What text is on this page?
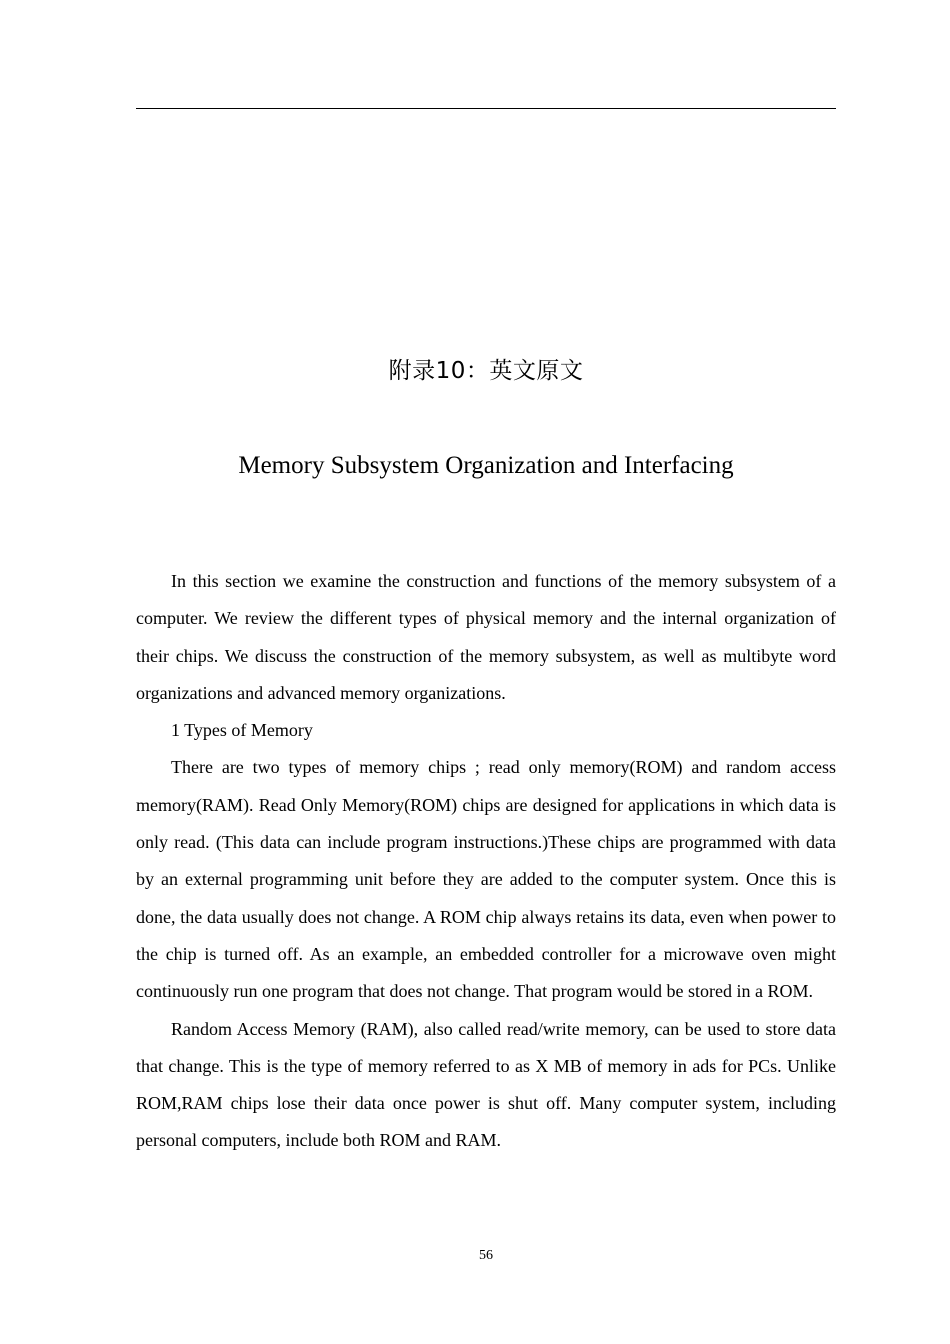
附录10：英文原文
Memory Subsystem Organization and Interfacing

In this section we examine the construction and functions of the memory subsystem of a computer. We review the different types of physical memory and the internal organization of their chips. We discuss the construction of the memory subsystem, as well as multibyte word organizations and advanced memory organizations.

1 Types of Memory

There are two types of memory chips ; read only memory(ROM) and random access memory(RAM). Read Only Memory(ROM) chips are designed for applications in which data is only read. (This data can include program instructions.)These chips are programmed with data by an external programming unit before they are added to the computer system. Once this is done, the data usually does not change. A ROM chip always retains its data, even when power to the chip is turned off. As an example, an embedded controller for a microwave oven might continuously run one program that does not change. That program would be stored in a ROM.

Random Access Memory (RAM), also called read/write memory, can be used to store data that change. This is the type of memory referred to as X MB of memory in ads for PCs. Unlike ROM,RAM chips lose their data once power is shut off. Many computer system, including personal computers, include both ROM and RAM.

56
